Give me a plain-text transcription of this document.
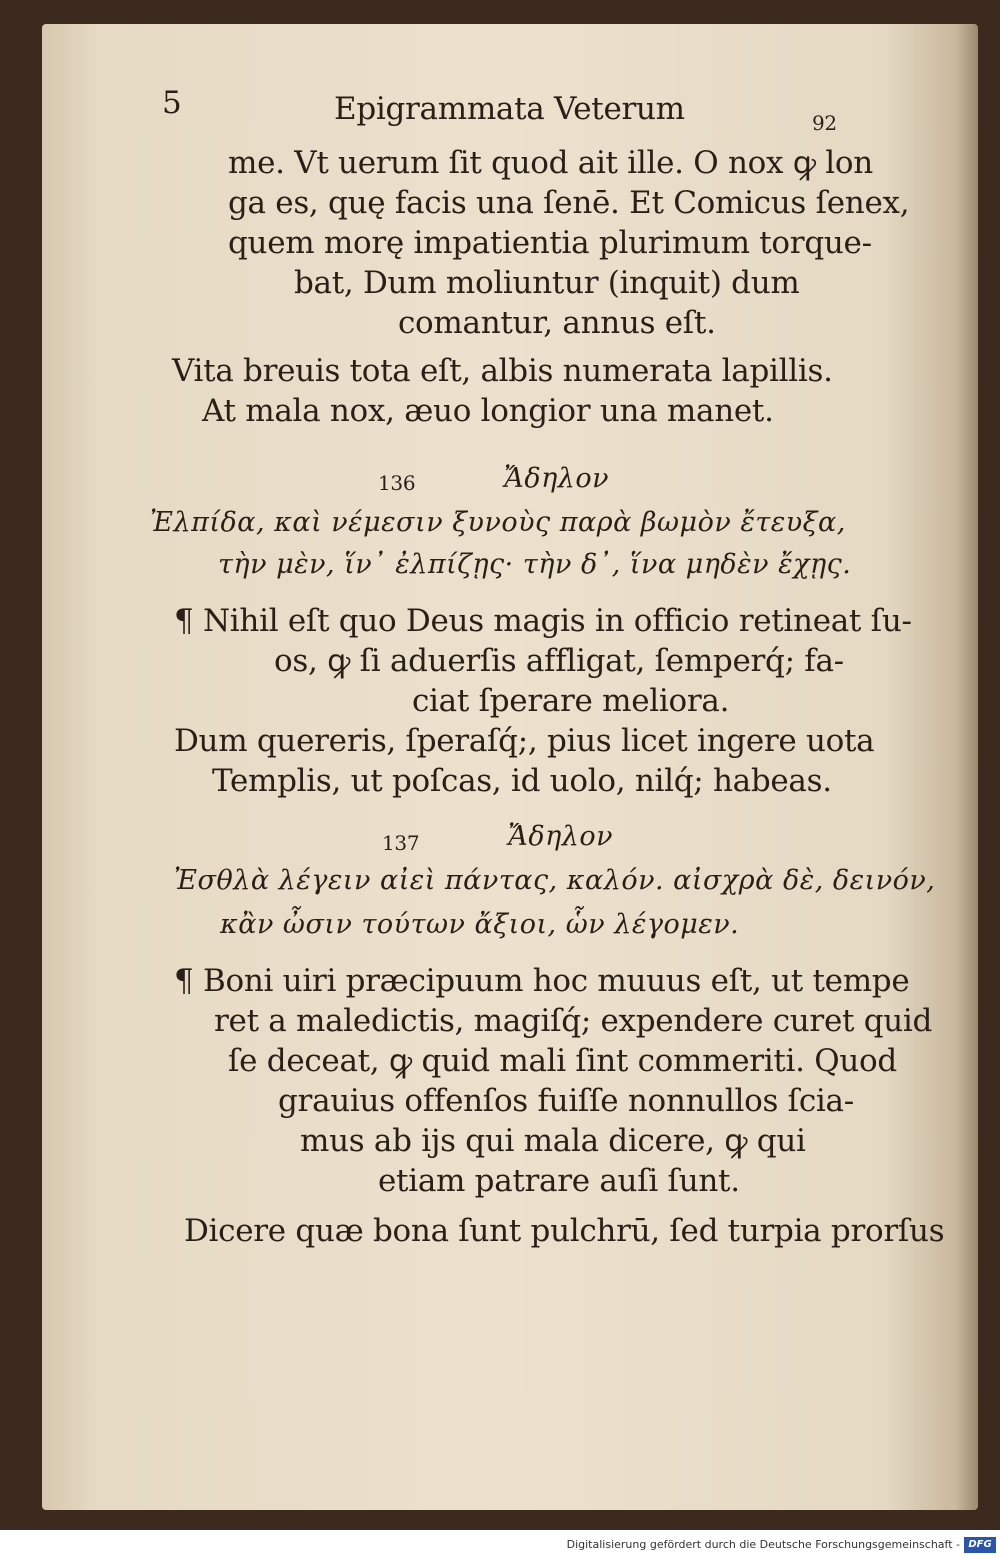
5	Epigrammata Veterum	92
me. Vt uerum ſit quod ait ille. O nox ꝙ lon
ga es, quę facis una ſenē. Et Comicus ſenex,
quem morę impatientia plurimum torque-
bat, Dum moliuntur (inquit) dum
comantur, annus eſt.
Vita breuis tota eſt, albis numerata lapillis.
At mala nox, æuo longior una manet.
136	Ἄδηλον
Ἐλπίδα, καὶ νέμεσιν ξυνοὺς παρὰ βωμὸν ἔτευξα,
τὴν μὲν, ἵν᾽ ἐλπίζῃς· τὴν δ᾽, ἵνα μηδὲν ἔχῃς.
¶ Nihil eſt quo Deus magis in officio retineat ſu-
os, ꝙ ſi aduerſis affligat, ſemperq́; fa-
ciat ſperare meliora.
Dum quereris, ſperaſq́;, pius licet ingere uota
Templis, ut poſcas, id uolo, nilq́; habeas.
137	Ἄδηλον
Ἐσθλὰ λέγειν αἰεὶ πάντας, καλόν. αἰσχρὰ δὲ, δεινόν,
κἂν ὦσιν τούτων ἄξιοι, ὧν λέγομεν.
¶ Boni uiri præcipuum hoc muuus eſt, ut tempe
ret a maledictis, magiſq́; expendere curet quid
ſe deceat, ꝙ quid mali ſint commeriti. Quod
grauius offenſos fuiſſe nonnullos ſcia-
mus ab ijs qui mala dicere, ꝙ qui
etiam patrare auſi ſunt.
Dicere quæ bona ſunt pulchrū, ſed turpia prorſus
Digitalisierung gefördert durch die Deutsche Forschungsgemeinschaft - DFG
